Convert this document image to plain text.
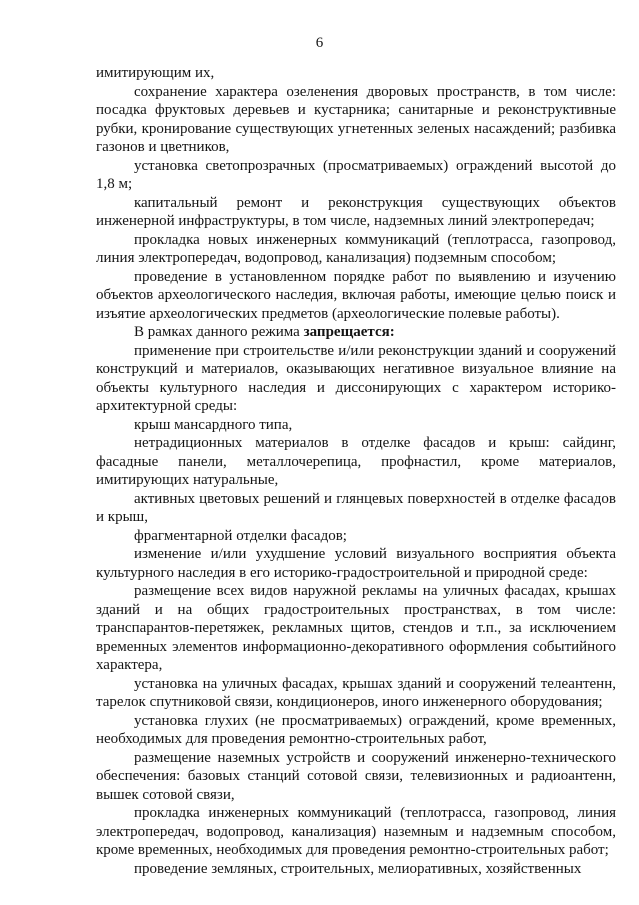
6

имитирующим их,

сохранение характера озеленения дворовых пространств, в том числе: посадка фруктовых деревьев и кустарника; санитарные и реконструктивные рубки, кронирование существующих угнетенных зеленых насаждений; разбивка газонов и цветников,

установка светопрозрачных (просматриваемых) ограждений высотой до 1,8 м;

капитальный ремонт и реконструкция существующих объектов инженерной инфраструктуры, в том числе, надземных линий электропередач;

прокладка новых инженерных коммуникаций (теплотрасса, газопровод, линия электропередач, водопровод, канализация) подземным способом;

проведение в установленном порядке работ по выявлению и изучению объектов археологического наследия, включая работы, имеющие целью поиск и изъятие археологических предметов (археологические полевые работы).

В рамках данного режима запрещается:

применение при строительстве и/или реконструкции зданий и сооружений конструкций и материалов, оказывающих негативное визуальное влияние на объекты культурного наследия и диссонирующих с характером историко-архитектурной среды:

крыш мансардного типа,

нетрадиционных материалов в отделке фасадов и крыш: сайдинг, фасадные панели, металлочерепица, профнастил, кроме материалов, имитирующих натуральные,

активных цветовых решений и глянцевых поверхностей в отделке фасадов и крыш,

фрагментарной отделки фасадов;

изменение и/или ухудшение условий визуального восприятия объекта культурного наследия в его историко-градостроительной и природной среде:

размещение всех видов наружной рекламы на уличных фасадах, крышах зданий и на общих градостроительных пространствах, в том числе: транспарантов-перетяжек, рекламных щитов, стендов и т.п., за исключением временных элементов информационно-декоративного оформления событийного характера,

установка на уличных фасадах, крышах зданий и сооружений телеантенн, тарелок спутниковой связи, кондиционеров, иного инженерного оборудования;

установка глухих (не просматриваемых) ограждений, кроме временных, необходимых для проведения ремонтно-строительных работ,

размещение наземных устройств и сооружений инженерно-технического обеспечения: базовых станций сотовой связи, телевизионных и радиоантенн, вышек сотовой связи,

прокладка инженерных коммуникаций (теплотрасса, газопровод, линия электропередач, водопровод, канализация) наземным и надземным способом, кроме временных, необходимых для проведения ремонтно-строительных работ;

проведение земляных, строительных, мелиоративных, хозяйственных
